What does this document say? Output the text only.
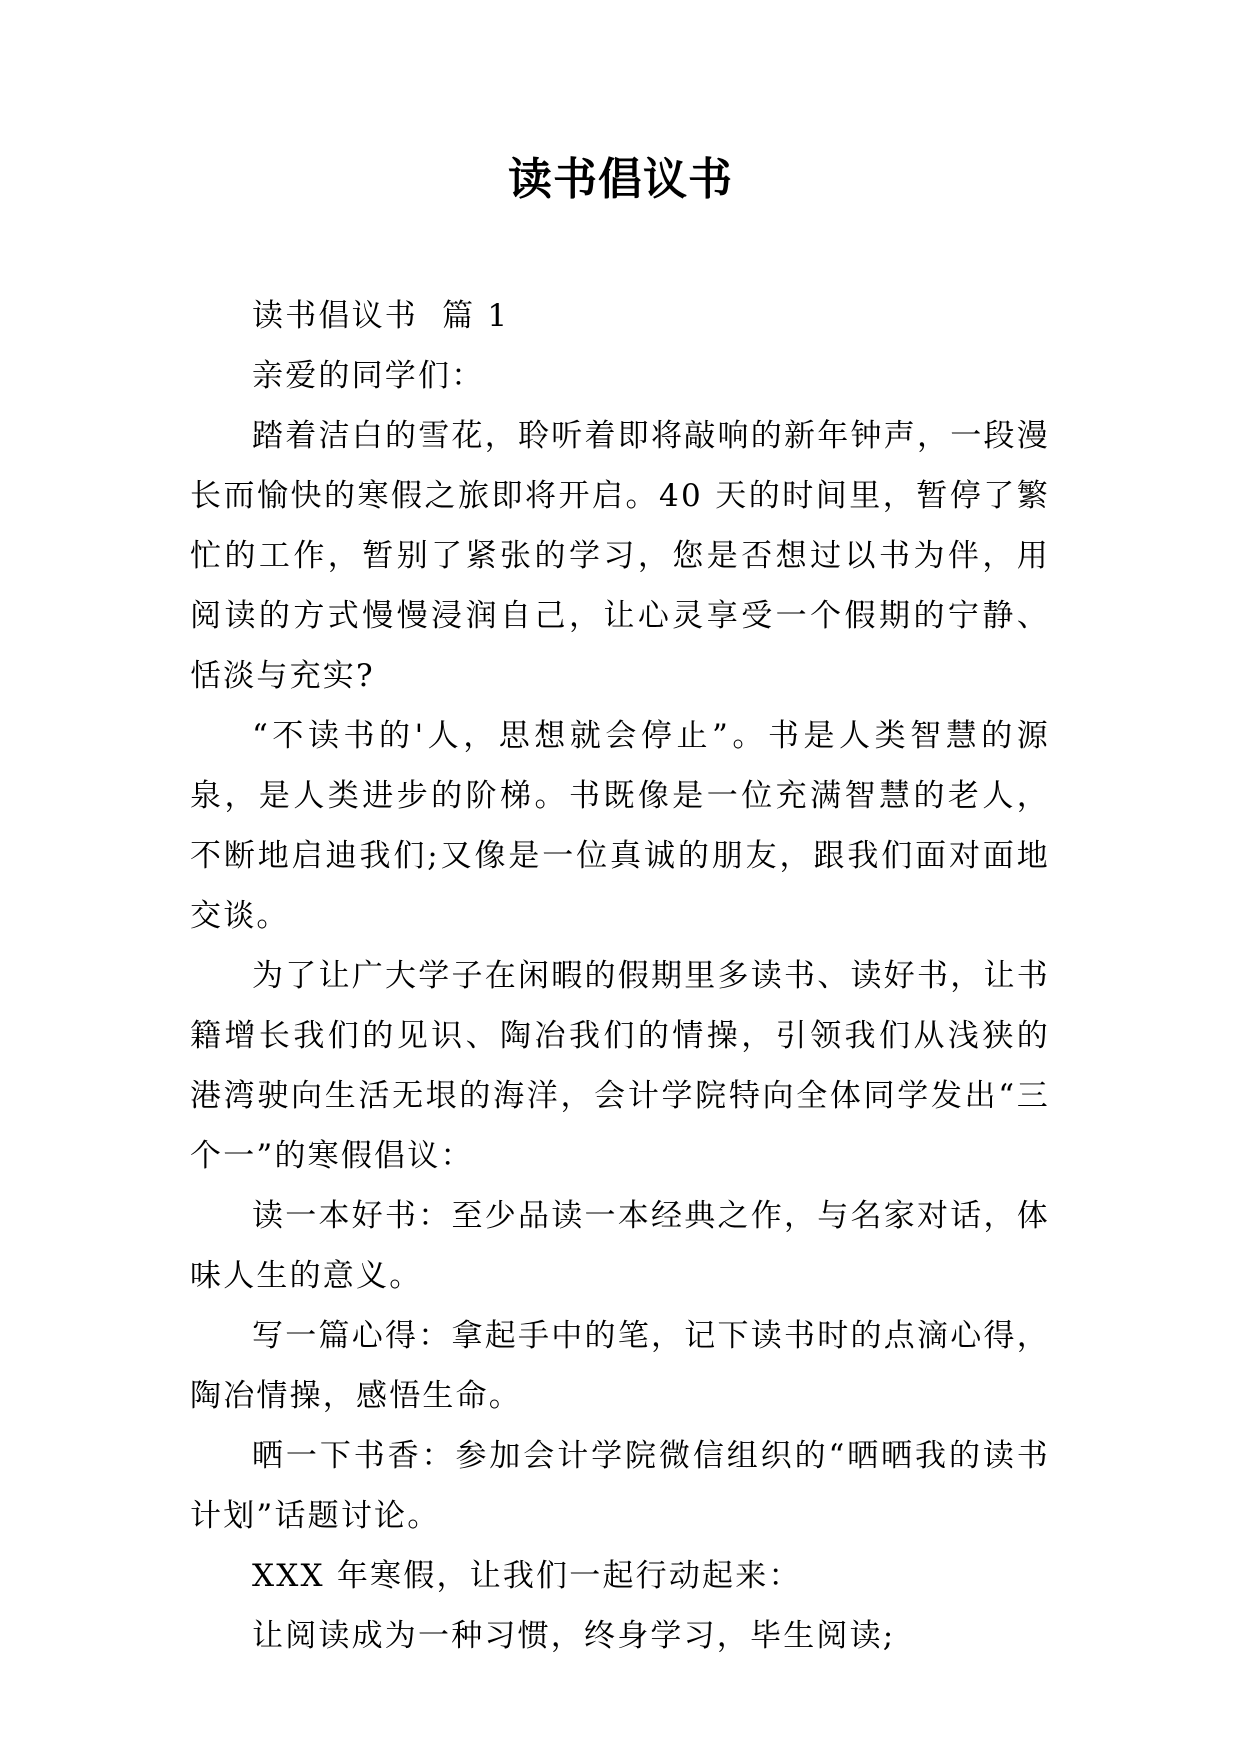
读书倡议书

读书倡议书  篇 1

亲爱的同学们：

踏着洁白的雪花，聆听着即将敲响的新年钟声，一段漫长而愉快的寒假之旅即将开启。40 天的时间里，暂停了繁忙的工作，暂别了紧张的学习，您是否想过以书为伴，用阅读的方式慢慢浸润自己，让心灵享受一个假期的宁静、恬淡与充实?

“不读书的'人，思想就会停止”。书是人类智慧的源泉，是人类进步的阶梯。书既像是一位充满智慧的老人，不断地启迪我们;又像是一位真诚的朋友，跟我们面对面地交谈。

为了让广大学子在闲暇的假期里多读书、读好书，让书籍增长我们的见识、陶冶我们的情操，引领我们从浅狭的港湾驶向生活无垠的海洋，会计学院特向全体同学发出“三个一”的寒假倡议：

读一本好书：至少品读一本经典之作，与名家对话，体味人生的意义。

写一篇心得：拿起手中的笔，记下读书时的点滴心得，陶冶情操，感悟生命。

晒一下书香：参加会计学院微信组织的“晒晒我的读书计划”话题讨论。

XXX 年寒假，让我们一起行动起来：

让阅读成为一种习惯，终身学习，毕生阅读;
